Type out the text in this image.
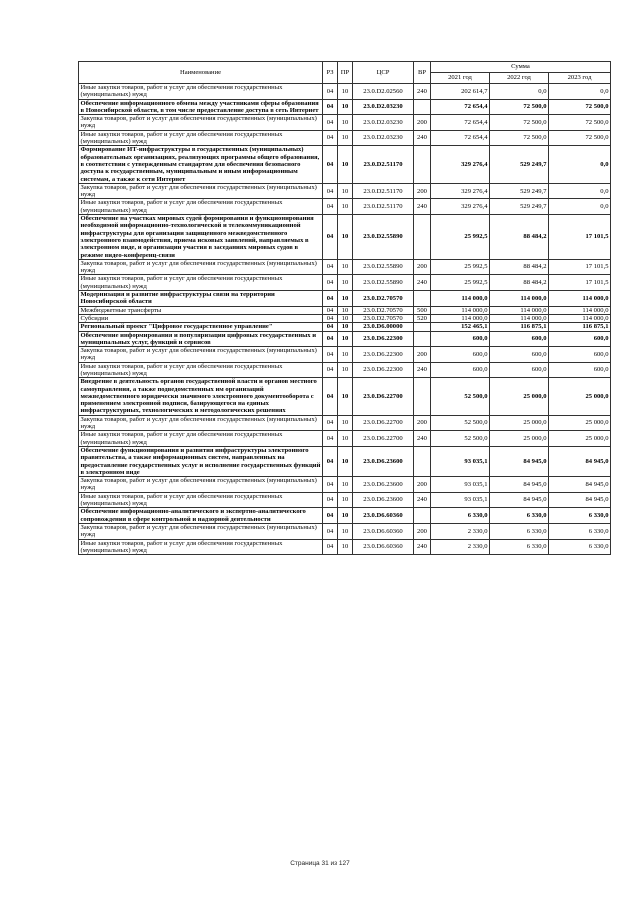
Наименование	РЗ	ПР	ЦСР	ВР	Сумма		
					2021 год	2022 год	2023 год
Иные закупки товаров, работ и услуг для обеспечения государственных (муниципальных) нужд	04	10	23.0.D2.02560	240	202 614,7	0,0	0,0
Обеспечение информационного обмена между участниками сферы образования в Новосибирской области, в том числе предоставление доступа в сеть Интернет	04	10	23.0.D2.03230		72 654,4	72 500,0	72 500,0
Закупка товаров, работ и услуг для обеспечения государственных (муниципальных) нужд	04	10	23.0.D2.03230	200	72 654,4	72 500,0	72 500,0
Иные закупки товаров, работ и услуг для обеспечения государственных (муниципальных) нужд	04	10	23.0.D2.03230	240	72 654,4	72 500,0	72 500,0
Формирование ИТ-инфраструктуры в государственных (муниципальных) образовательных организациях, реализующих программы общего образования, в соответствии с утвержденным стандартом для обеспечения безопасного доступа к государственным, муниципальным и иным информационным системам, а также к сети Интернет	04	10	23.0.D2.51170		329 276,4	529 249,7	0,0
Закупка товаров, работ и услуг для обеспечения государственных (муниципальных) нужд	04	10	23.0.D2.51170	200	329 276,4	529 249,7	0,0
Иные закупки товаров, работ и услуг для обеспечения государственных (муниципальных) нужд	04	10	23.0.D2.51170	240	329 276,4	529 249,7	0,0
Обеспечение на участках мировых судей формирования и функционирования необходимой информационно-технологической и телекоммуникационной инфраструктуры для организации защищенного межведомственного электронного взаимодействия, приема исковых заявлений, направляемых в электронном виде, и организации участия в заседаниях мировых судов в режиме видео-конференц-связи	04	10	23.0.D2.55890		25 992,5	88 484,2	17 101,5
Закупка товаров, работ и услуг для обеспечения государственных (муниципальных) нужд	04	10	23.0.D2.55890	200	25 992,5	88 484,2	17 101,5
Иные закупки товаров, работ и услуг для обеспечения государственных (муниципальных) нужд	04	10	23.0.D2.55890	240	25 992,5	88 484,2	17 101,5
Модернизация и развитие инфраструктуры связи на территории Новосибирской области	04	10	23.0.D2.70570		114 000,0	114 000,0	114 000,0
Межбюджетные трансферты	04	10	23.0.D2.70570	500	114 000,0	114 000,0	114 000,0
Субсидии	04	10	23.0.D2.70570	520	114 000,0	114 000,0	114 000,0
Региональный проект "Цифровое государственное управление"	04	10	23.0.D6.00000		152 465,1	116 875,1	116 875,1
Обеспечение информирования и популяризации цифровых государственных и муниципальных услуг, функций и сервисов	04	10	23.0.D6.22300		600,0	600,0	600,0
Закупка товаров, работ и услуг для обеспечения государственных (муниципальных) нужд	04	10	23.0.D6.22300	200	600,0	600,0	600,0
Иные закупки товаров, работ и услуг для обеспечения государственных (муниципальных) нужд	04	10	23.0.D6.22300	240	600,0	600,0	600,0
Внедрение в деятельность органов государственной власти и органов местного самоуправления, а также подведомственных им организаций межведомственного юридически значимого электронного документооборота с применением электронной подписи, базирующегося на единых инфраструктурных, технологических и методологических решениях	04	10	23.0.D6.22700		52 500,0	25 000,0	25 000,0
Закупка товаров, работ и услуг для обеспечения государственных (муниципальных) нужд	04	10	23.0.D6.22700	200	52 500,0	25 000,0	25 000,0
Иные закупки товаров, работ и услуг для обеспечения государственных (муниципальных) нужд	04	10	23.0.D6.22700	240	52 500,0	25 000,0	25 000,0
Обеспечение функционирования и развития инфраструктуры электронного правительства, а также информационных систем, направленных на предоставление государственных услуг и исполнение государственных функций в электронном виде	04	10	23.0.D6.23600		93 035,1	84 945,0	84 945,0
Закупка товаров, работ и услуг для обеспечения государственных (муниципальных) нужд	04	10	23.0.D6.23600	200	93 035,1	84 945,0	84 945,0
Иные закупки товаров, работ и услуг для обеспечения государственных (муниципальных) нужд	04	10	23.0.D6.23600	240	93 035,1	84 945,0	84 945,0
Обеспечение информационно-аналитического и экспертно-аналитического сопровождения в сфере контрольной и надзорной деятельности	04	10	23.0.D6.60360		6 330,0	6 330,0	6 330,0
Закупка товаров, работ и услуг для обеспечения государственных (муниципальных) нужд	04	10	23.0.D6.60360	200	2 330,0	6 330,0	6 330,0
Иные закупки товаров, работ и услуг для обеспечения государственных (муниципальных) нужд	04	10	23.0.D6.60360	240	2 330,0	6 330,0	6 330,0
Страница 31 из 127
